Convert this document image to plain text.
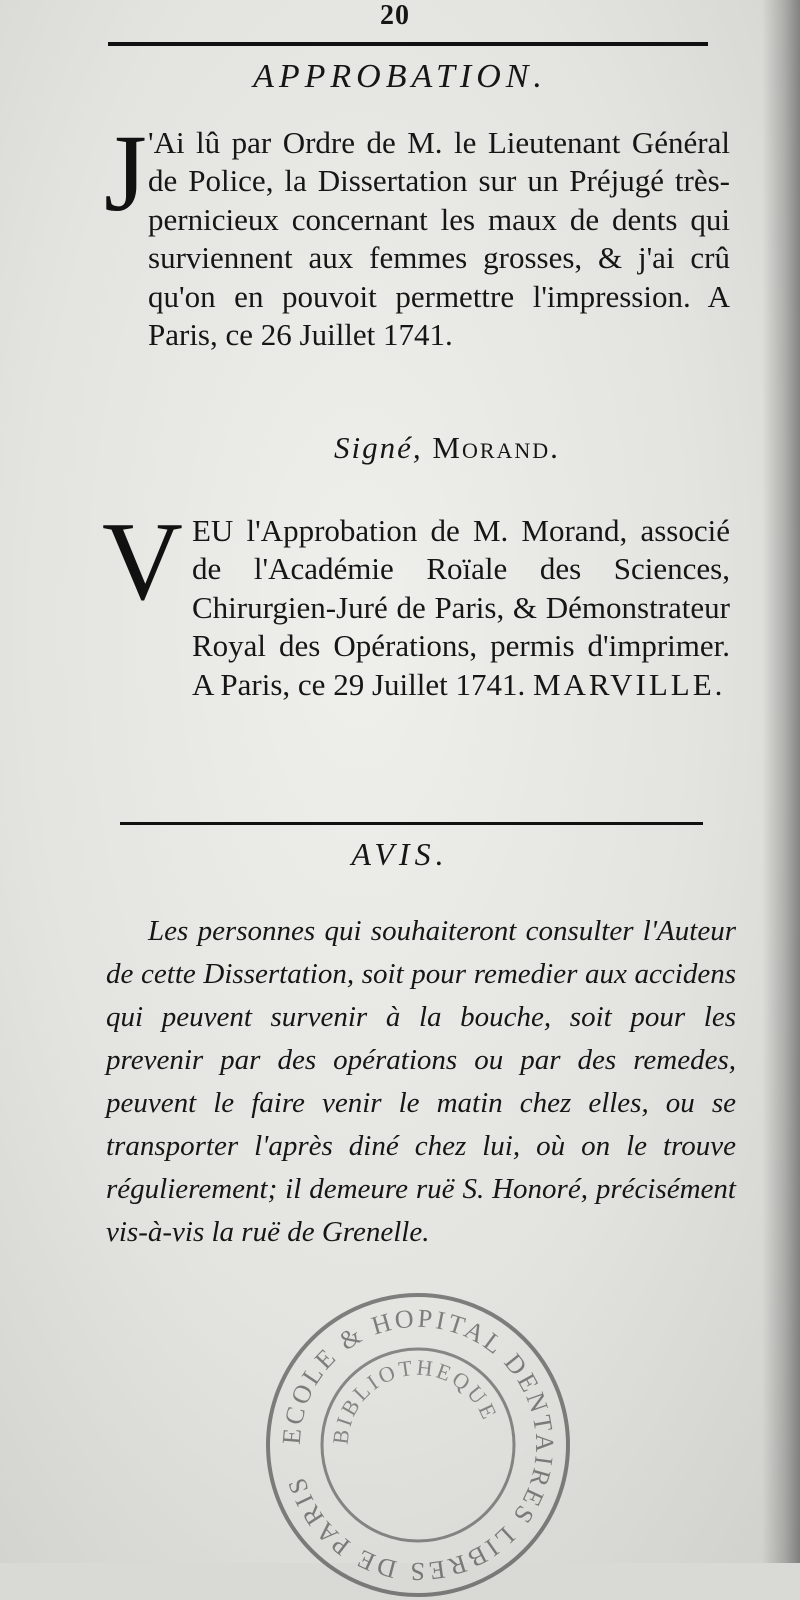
20
APPROBATION.
J 'Ai lû par Ordre de M. le Lieutenant Général de Police, la Dissertation sur un Préjugé très-pernicieux concernant les maux de dents qui surviennent aux femmes grosses, & j'ai crû qu'on en pouvoit permettre l'impression. A Paris, ce 26 Juillet 1741.

Signé, Morand.
V EU l'Approbation de M. Morand, associé de l'Académie Roïale des Sciences, Chirurgien-Juré de Paris, & Démonstrateur Royal des Opérations, permis d'imprimer. A Paris, ce 29 Juillet 1741. MARVILLE.

AVIS.

Les personnes qui souhaiteront consulter l'Auteur de cette Dissertation, soit pour remedier aux accidens qui peuvent survenir à la bouche, soit pour les prevenir par des opérations ou par des remedes, peuvent le faire venir le matin chez elles, ou se transporter l'après diné chez lui, où on le trouve régulierement; il demeure ruë S. Honoré, précisément vis-à-vis la ruë de Grenelle.

ECOLE & HOPITAL DENTAIRES LIBRES DE PARIS
BIBLIOTHEQUE
